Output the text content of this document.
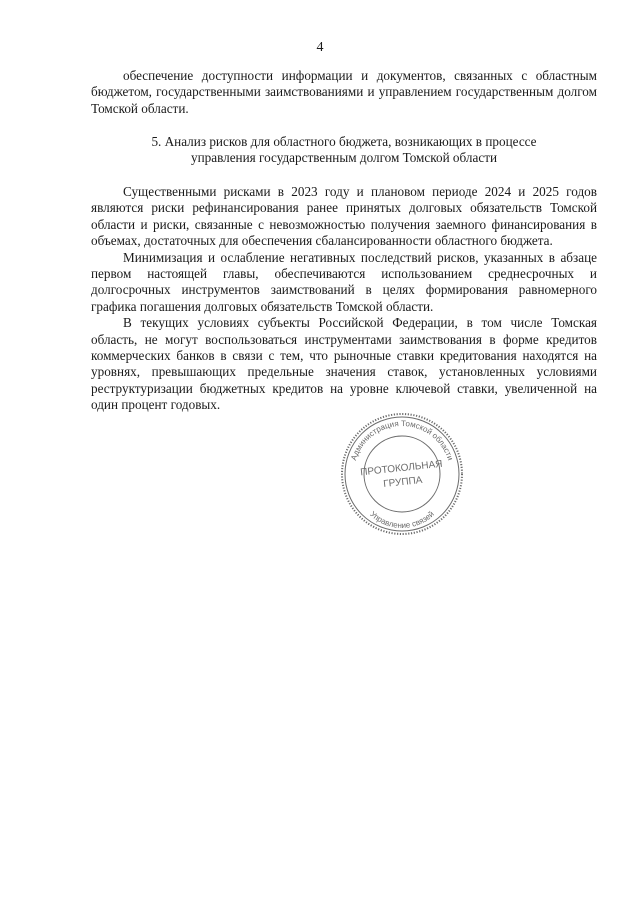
4

обеспечение доступности информации и документов, связанных с областным бюджетом, государственными заимствованиями и управлением государственным долгом Томской области.

5. Анализ рисков для областного бюджета, возникающих в процессе
управления государственным долгом Томской области

Существенными рисками в 2023 году и плановом периоде 2024 и 2025 годов являются риски рефинансирования ранее принятых долговых обязательств Томской области и риски, связанные с невозможностью получения заемного финансирования в объемах, достаточных для обеспечения сбалансированности областного бюджета.

Минимизация и ослабление негативных последствий рисков, указанных в абзаце первом настоящей главы, обеспечиваются использованием среднесрочных и долгосрочных инструментов заимствований в целях формирования равномерного графика погашения долговых обязательств Томской области.

В текущих условиях субъекты Российской Федерации, в том числе Томская область, не могут воспользоваться инструментами заимствования в форме кредитов коммерческих банков в связи с тем, что рыночные ставки кредитования находятся на уровнях, превышающих предельные значения ставок, установленных условиями реструктуризации бюджетных кредитов на уровне ключевой ставки, увеличенной на один процент годовых.

Администрация Томской области
Управление связей
ПРОТОКОЛЬНАЯ
ГРУППА
